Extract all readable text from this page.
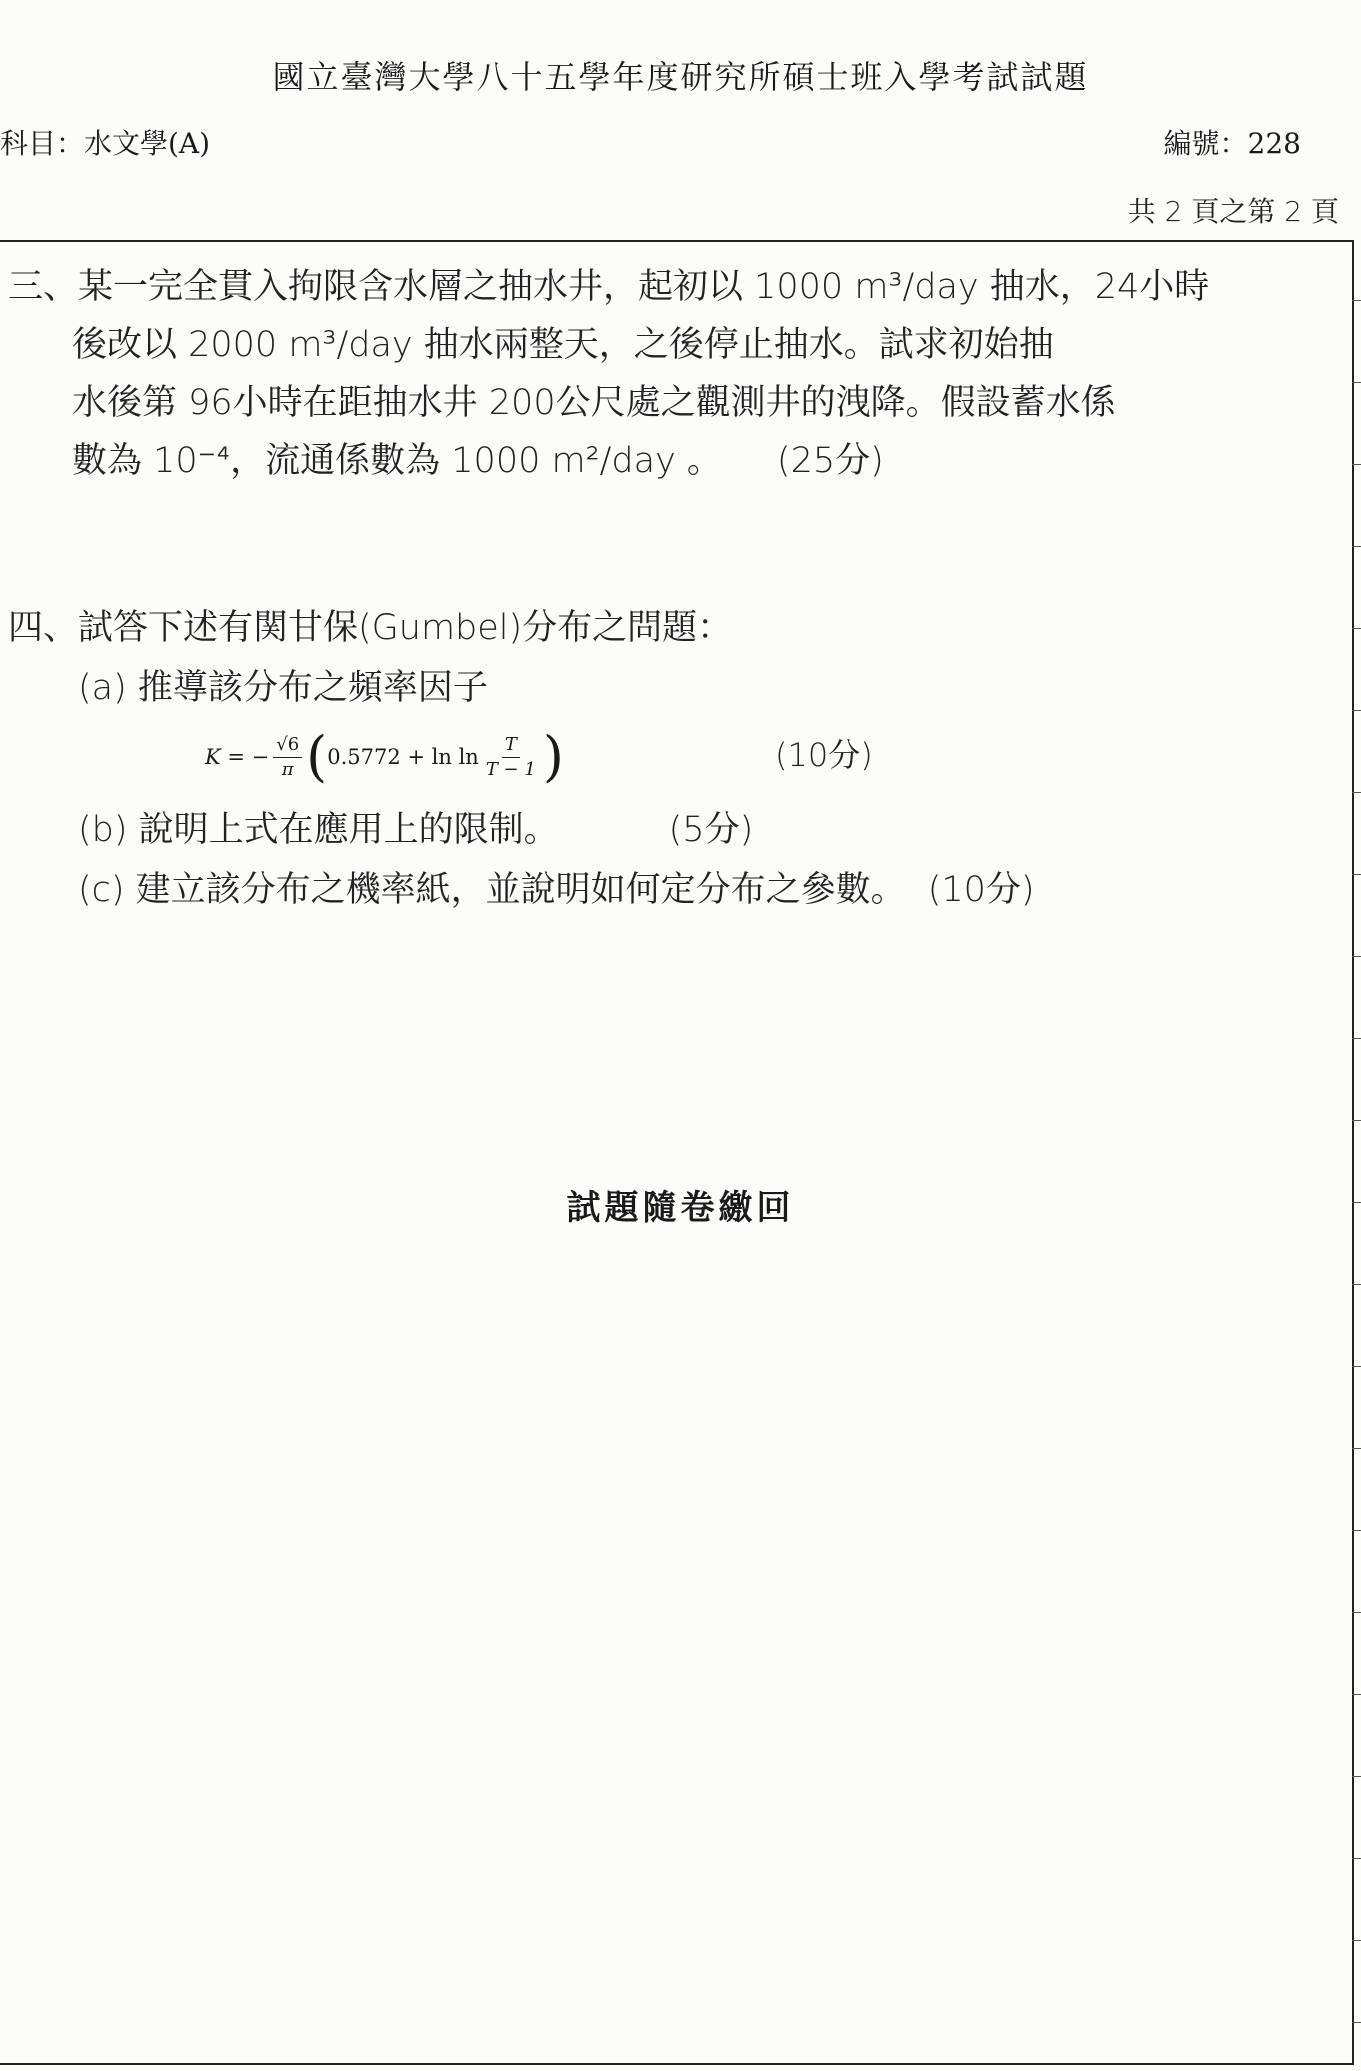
國立臺灣大學八十五學年度研究所碩士班入學考試試題
科目：水文學(A)	編號：228
共 2 頁之第 2 頁
三、某一完全貫入拘限含水層之抽水井，起初以 1000 m³/day 抽水，24小時
後改以 2000 m³/day 抽水兩整天，之後停止抽水。試求初始抽
水後第 96小時在距抽水井 200公尺處之觀測井的洩降。假設蓄水係
數為 10⁻⁴，流通係數為 1000 m²/day 。 (25分)
四、試答下述有関甘保(Gumbel)分布之問題：
(a) 推導該分布之頻率因子
K = − $\frac{√6}{\pi}$ ( $0.5772 + \ln \ln \frac{T}{T - 1}$ )	(10分)
(b) 說明上式在應用上的限制。	(5分)
(c) 建立該分布之機率紙，並說明如何定分布之參數。 (10分)
試題隨卷繳回
